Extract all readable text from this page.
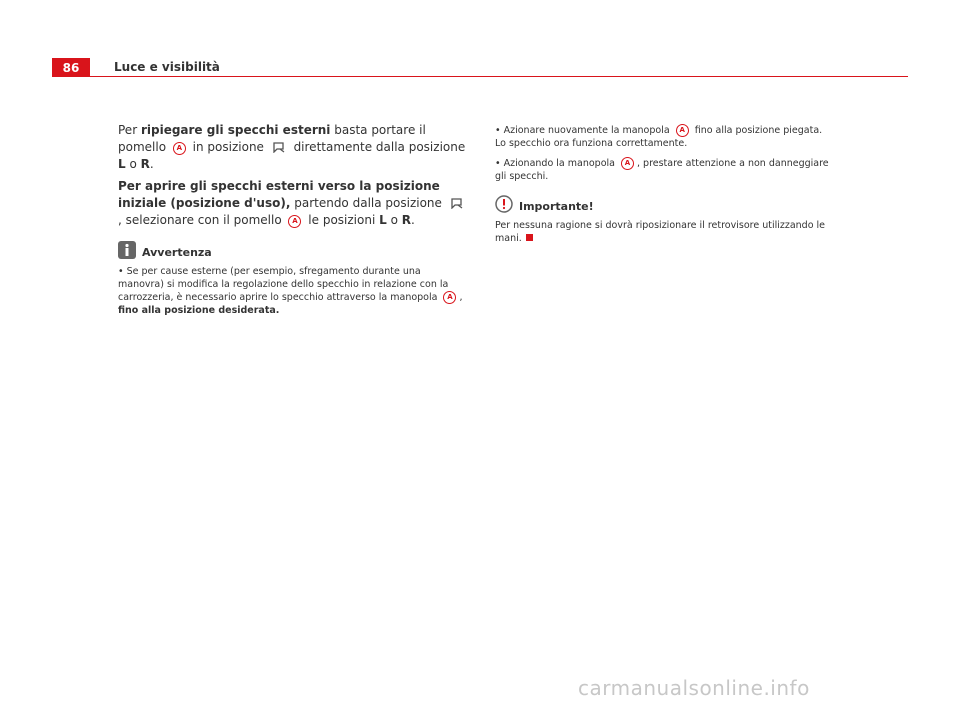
86	Luce e visibilità

Per ripiegare gli specchi esterni basta portare il pomello A in posizione  direttamente dalla posizione L o R.

Per aprire gli specchi esterni verso la posizione iniziale (posizione d'uso), partendo dalla posizione , selezionare con il pomello A le posizioni L o R.

Avvertenza

• Se per cause esterne (per esempio, sfregamento durante una manovra) si modifica la regolazione dello specchio in relazione con la carrozzeria, è necessario aprire lo specchio attraverso la manopola A , fino alla posizione desiderata.

• Azionare nuovamente la manopola A fino alla posizione piegata. Lo specchio ora funziona correttamente.

• Azionando la manopola A , prestare attenzione a non danneggiare gli specchi.

Importante!

Per nessuna ragione si dovrà riposizionare il retrovisore utilizzando le mani.

carmanualsonline.info
